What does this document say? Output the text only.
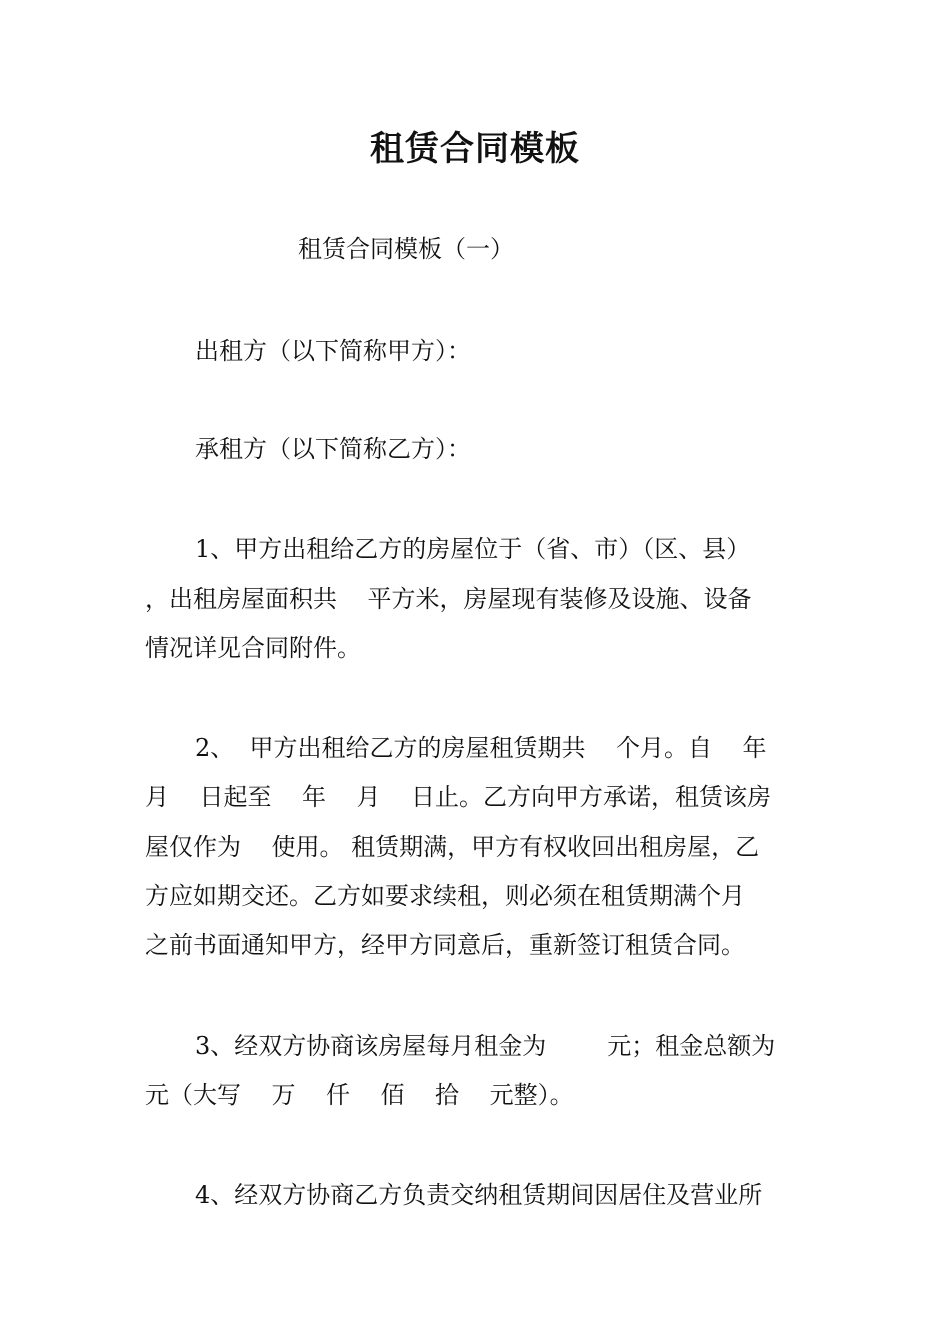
租赁合同模板
租赁合同模板（一）
出租方（以下简称甲方）：
承租方（以下简称乙方）：
1、甲方出租给乙方的房屋位于（省、市）（区、县）
，出租房屋面积共    平方米，房屋现有装修及设施、设备
情况详见合同附件。
2、  甲方出租给乙方的房屋租赁期共    个月。自    年
月    日起至    年    月    日止。乙方向甲方承诺，租赁该房
屋仅作为    使用。 租赁期满，甲方有权收回出租房屋，乙
方应如期交还。乙方如要求续租，则必须在租赁期满个月
之前书面通知甲方，经甲方同意后，重新签订租赁合同。
3、经双方协商该房屋每月租金为        元；租金总额为
元（大写    万    仟    佰    拾    元整）。
4、经双方协商乙方负责交纳租赁期间因居住及营业所
